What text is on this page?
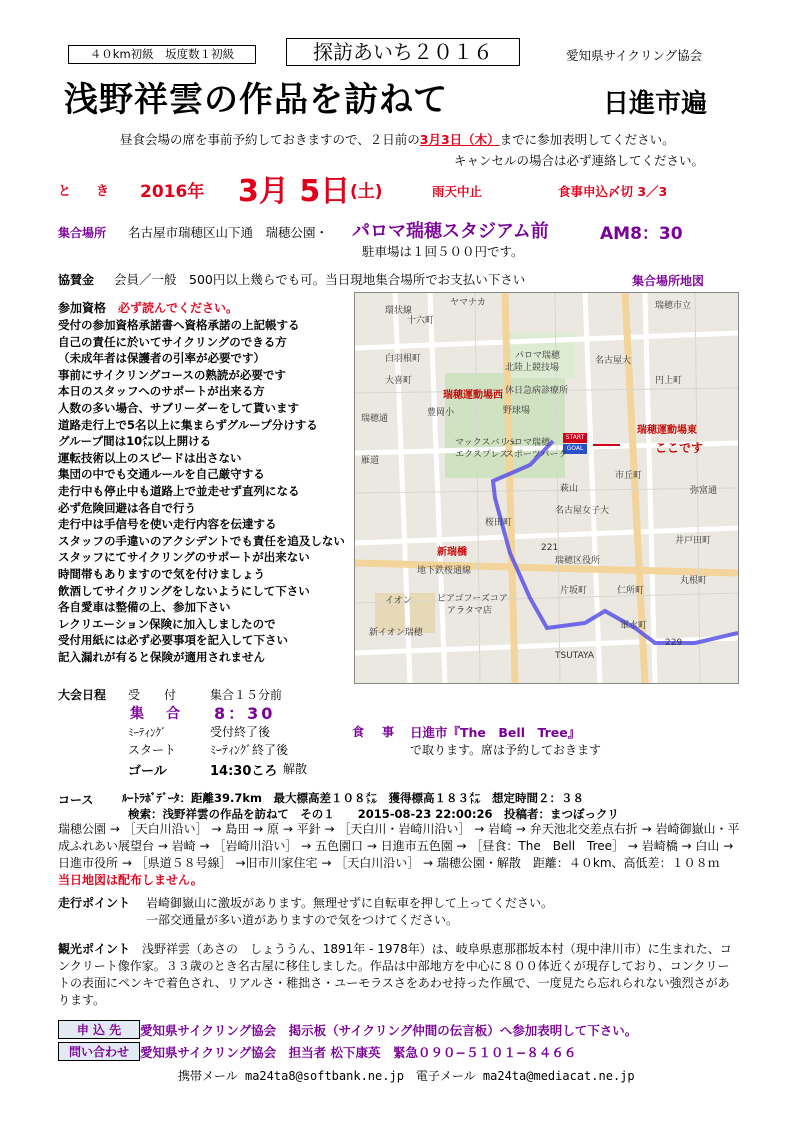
４０km初級　坂度数１初級	探訪あいち２０１６	愛知県サイクリング協会
浅野祥雲の作品を訪ねて	日進市遍
昼食会場の席を事前予約しておきますので、２日前の3月3日（木）までに参加表明してください。
キャンセルの場合は必ず連絡してください。
と　き 2016年 3月 5日 (土)	雨天中止	食事申込〆切 3／3
集合場所 名古屋市瑞穂区山下通　瑞穂公園・ パロマ瑞穂スタジアム前	AM8：30
駐車場は１回５００円です。
協賛金 会員／一般　500円以上幾らでも可。当日現地集合場所でお支払い下さい	集合場所地図
参加資格　 必ず読んでください。
受付の参加資格承諾書へ資格承諾の上記帳する
自己の責任に於いてサイクリングのできる方
（未成年者は保護者の引率が必要です）
事前にサイクリングコースの熟読が必要です
本日のスタッフへのサポートが出来る方
人数の多い場合、サブリーダーをして貰います
道路走行上で5名以上に集まらずグループ分けする
グループ間は10㍍以上開ける
運転技術以上のスピードは出さない
集団の中でも交通ルールを自己厳守する
走行中も停止中も道路上で並走せず直列になる
必ず危険回避は各自で行う
走行中は手信号を使い走行内容を伝達する
スタッフの手違いのアクシデントでも責任を追及しない
スタッフにてサイクリングのサポートが出来ない
時間帯もありますので気を付けましょう
飲酒してサイクリングをしないようにして下さい
各自愛車は整備の上、参加下さい
レクリエーション保険に加入しましたので
受付用紙には必ず必要事項を記入して下さい
記入漏れが有ると保険が適用されません
環状線
十六町
白羽根町
大喜町
瑞穂通
雁道
パロマ瑞穂
北陸上競技場
休日急病診療所
野球場
豊岡小
マックスバリュ
エクスプレス
パロマ瑞穂
スポーツパーク
萩山
名古屋大
市丘町
名古屋女子大
瑞穂区役所
桜田町
片坂町	仁所町
軍水町
井戸田町
丸根町
弥富通
ヤマナカ	瑞穂市立
円上町
イオン	ピアゴフーズコア
アラタマ店
地下鉄桜通線
新イオン瑞穂
TSUTAYA
221
229
瑞穂運動場西
瑞穂運動場東
新瑞橋
ここです
START
GOAL
大会日程 受　　付	集合１５分前
集　合 8：30
ﾐｰﾃｨﾝｸﾞ	受付終了後
スタート	ﾐｰﾃｨﾝｸﾞ終了後
ゴール	14:30ころ 解散
食　事 日進市『The　Bell　Tree』
で取ります。席は予約しておきます
コース ﾙｰﾄﾗﾎﾞﾃﾞｰﾀ：距離39.7km　最大標高差１０８㍍　獲得標高１８３㍍　想定時間２：３８
検索：浅野祥雲の作品を訪ねて　その１　　2015-08-23 22:00:26　投稿者：まつぼっクリ
瑞穂公園 → ［天白川沿い］ → 島田 → 原 → 平針 → ［天白川・岩崎川沿い］ → 岩崎 → 弁天池北交差点右折 → 岩崎御嶽山・平成ふれあい展望台 → 岩崎 → ［岩崎川沿い］ → 五色園口 → 日進市五色園 → ［昼食：The　Bell　Tree］ → 岩崎橋 → 白山 → 日進市役所 → ［県道５８号線］ →旧市川家住宅 → ［天白川沿い］ → 瑞穂公園・解散　距離：４０km、高低差：１０８ｍ　当日地図は配布しません。
走行ポイント 岩崎御嶽山に激坂があります。無理せずに自転車を押して上ってください。
一部交通量が多い道がありますので気をつけてください。
観光ポイント　 浅野祥雲（あさの　しょううん、1891年 - 1978年）は、岐阜県恵那郡坂本村（現中津川市）に生まれた、コンクリート像作家。３３歳のとき名古屋に移住しました。作品は中部地方を中心に８００体近くが現存しており、コンクリートの表面にペンキで着色され、リアルさ・稚拙さ・ユーモラスさをあわせ持った作風で、一度見たら忘れられない強烈さがあります。
申 込 先	愛知県サイクリング協会　掲示板（サイクリング仲間の伝言板）へ参加表明して下さい。
問い合わせ 愛知県サイクリング協会　担当者 松下康英　緊急０９０−５１０１−８４６６
携帯メール ma24ta8@softbank.ne.jp　電子メール ma24ta@mediacat.ne.jp
